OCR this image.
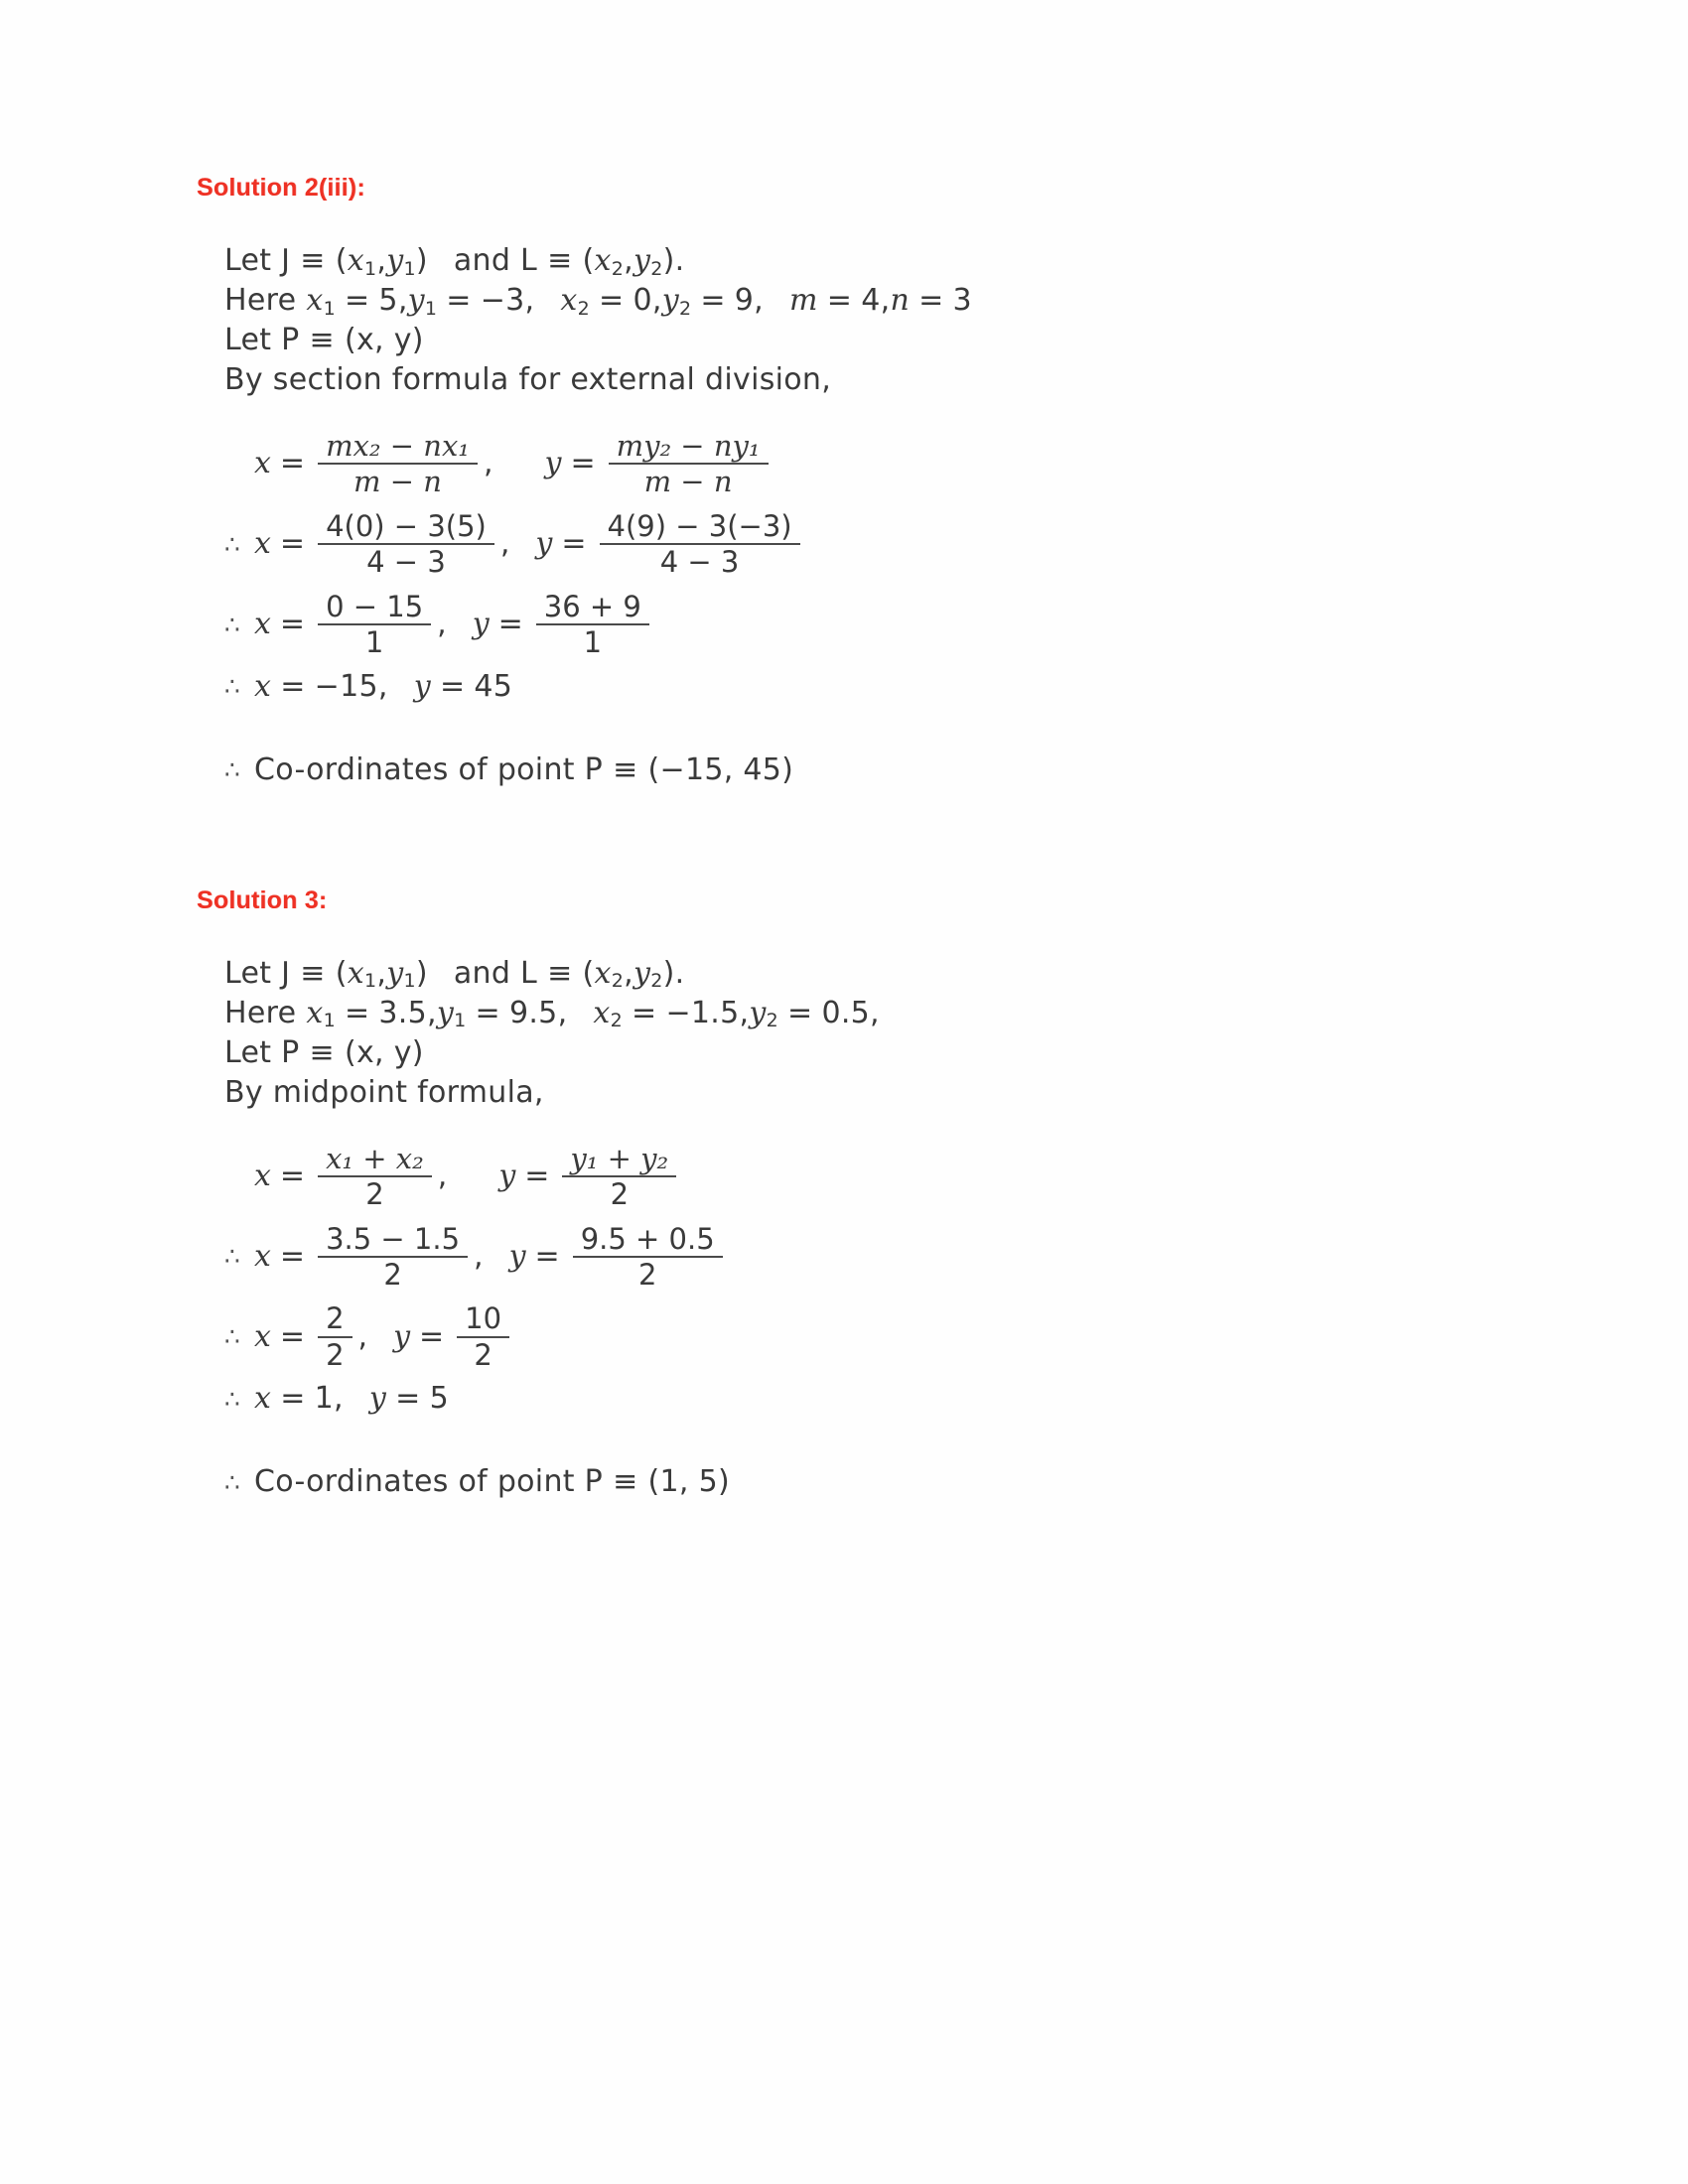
Solution 2(iii):
Let J ≡ ( x 1 , y 1 ) and L ≡ ( x 2 , y 2 ).
Here x 1 = 5 , y 1 = −3, x 2 = 0, y 2 = 9, m = 4, n = 3
Let P ≡ (x, y)
By section formula for external division,
$x = \frac{\text{mx₂ − nx₁}}{m - n}$ , $y = \frac{\text{my₂ − ny₁}}{m - n}$
∴ $x = \frac{4(0) - 3(5)}{4 - 3}$ , $y = \frac{4(9) - 3(-3)}{4 - 3}$
∴ $x = \frac{0 - 15}{1}$ , $y = \frac{36 + 9}{1}$
∴ x = −15, y = 45
∴ Co-ordinates of point P ≡ (−15, 45)
Solution 3:
Let J ≡ ( x 1 , y 1 ) and L ≡ ( x 2 , y 2 ).
Here x 1 = 3.5, y 1 = 9.5, x 2 = −1.5, y 2 = 0.5,
Let P ≡ (x, y)
By midpoint formula,
$x = \frac{\text{x₁ + x₂}}{2}$ , $y = \frac{\text{y₁ + y₂}}{2}$
∴ $x = \frac{3.5 - 1.5}{2}$ , $y = \frac{9.5 + 0.5}{2}$
∴ $x = \frac{2}{2}$ , $y = \frac{10}{2}$
∴ x = 1, y = 5
∴ Co-ordinates of point P ≡ (1, 5)
